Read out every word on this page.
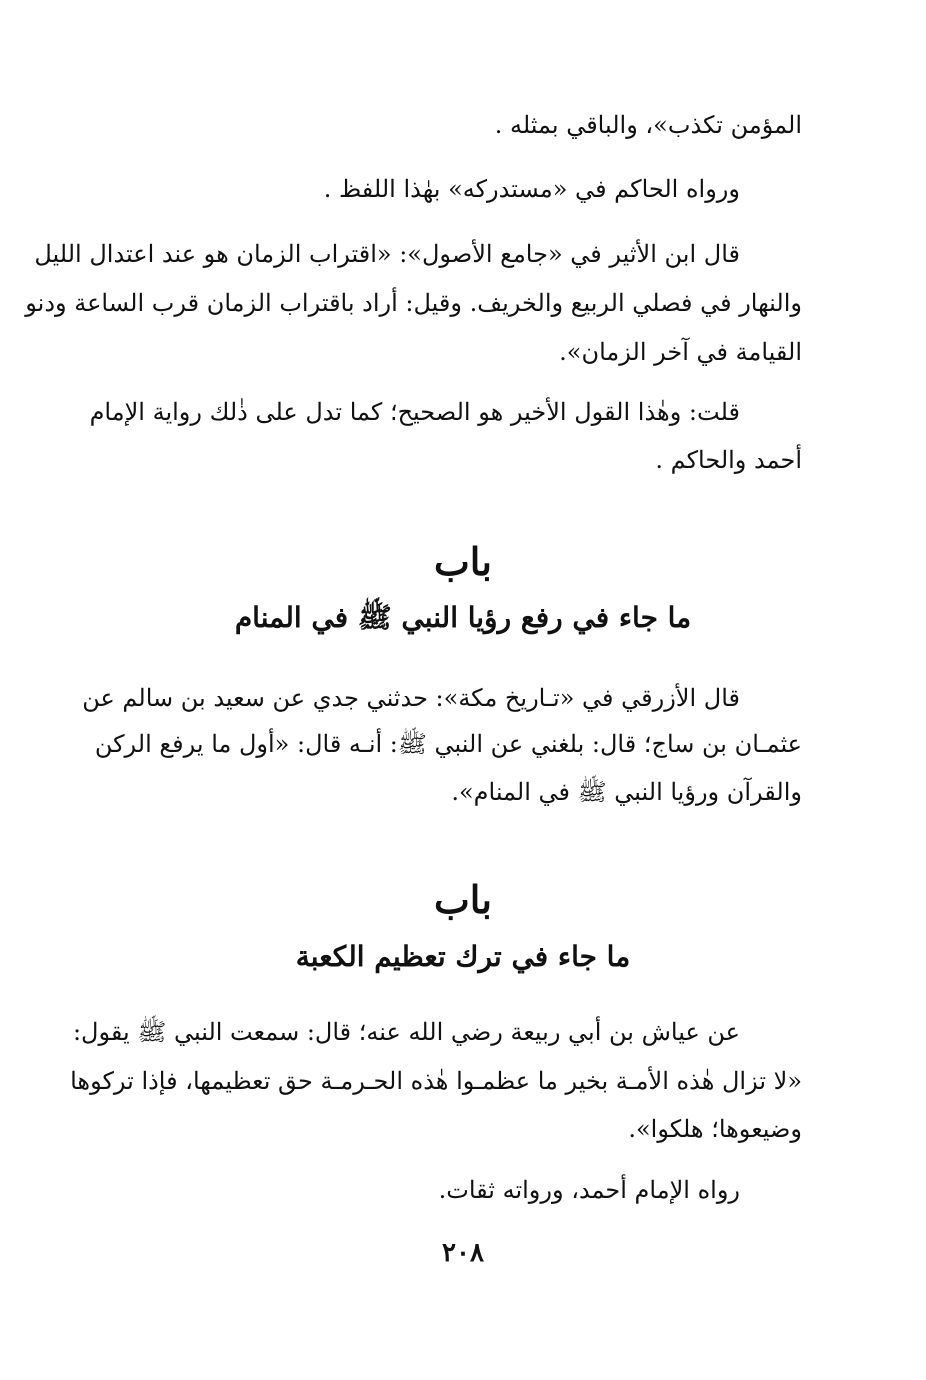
المؤمن تكذب»، والباقي بمثله .
ورواه الحاكم في «مستدركه» بهٰذا اللفظ .
قال ابن الأثير في «جامع الأصول»: «اقتراب الزمان هو عند اعتدال الليل
والنهار في فصلي الربيع والخريف. وقيل: أراد باقتراب الزمان قرب الساعة ودنو
القيامة في آخر الزمان».
قلت: وهٰذا القول الأخير هو الصحيح؛ كما تدل على ذٰلك رواية الإمام
أحمد والحاكم .
باب
ما جاء في رفع رؤيا النبي ﷺ في المنام
قال الأزرقي في «تـاريخ مكة»: حدثني جدي عن سعيد بن سالم عن
عثمـان بن ساج؛ قال: بلغني عن النبي ﷺ: أنـه قال: «أول ما يرفع الركن
والقرآن ورؤيا النبي ﷺ في المنام».
باب
ما جاء في ترك تعظيم الكعبة
عن عياش بن أبي ربيعة رضي الله عنه؛ قال: سمعت النبي ﷺ يقول:
«لا تزال هٰذه الأمـة بخير ما عظمـوا هٰذه الحـرمـة حق تعظيمها، فإذا تركوها
وضيعوها؛ هلكوا».
رواه الإمام أحمد، ورواته ثقات.
٢٠٨
